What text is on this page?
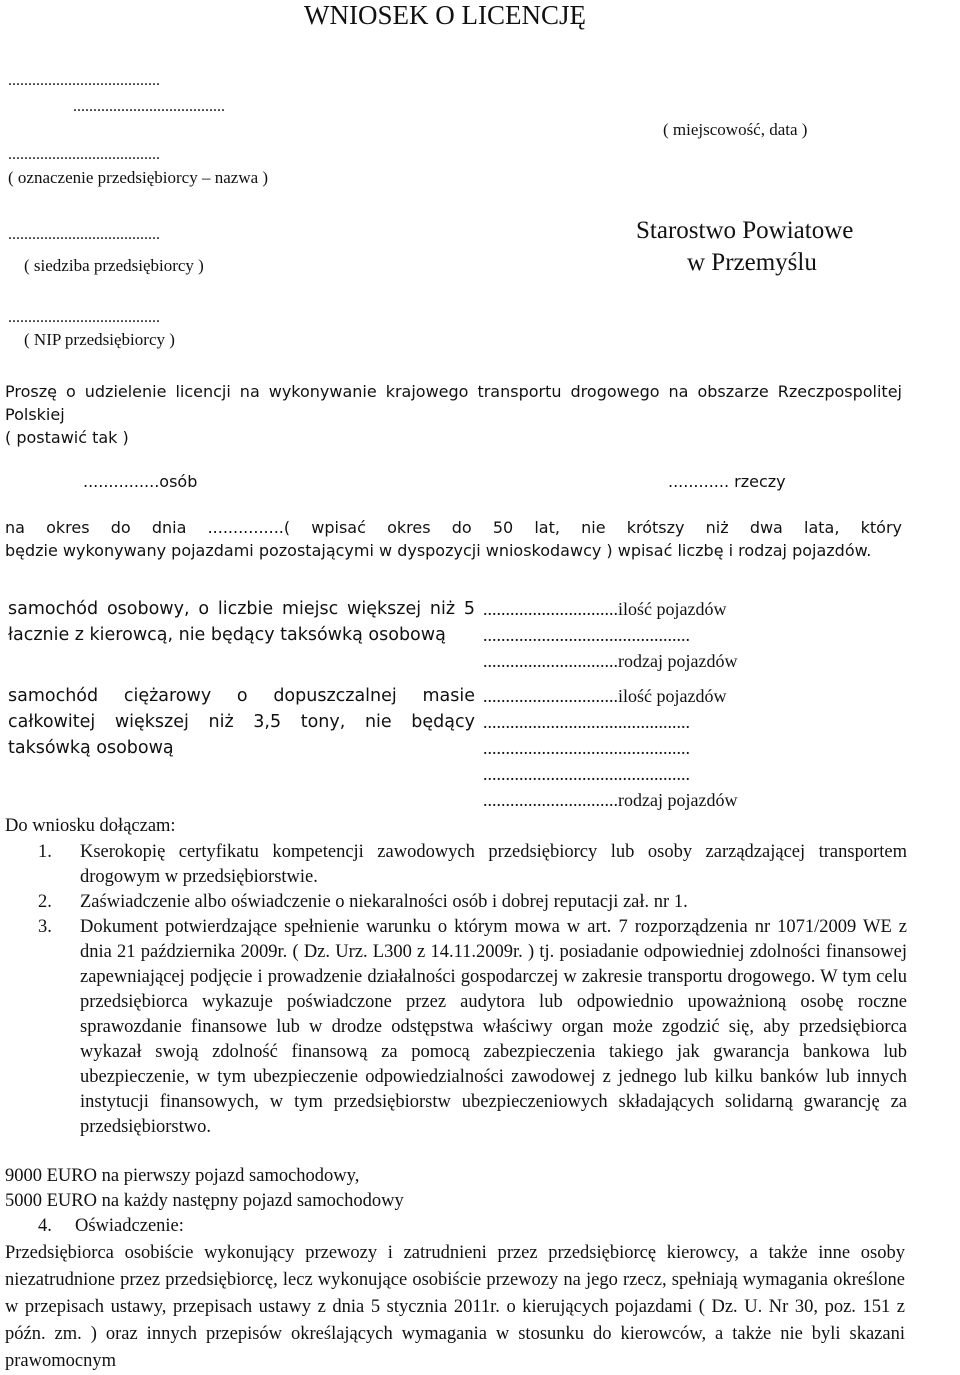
WNIOSEK O LICENCJĘ
......................................
......................................
......................................
( oznaczenie przedsiębiorcy – nazwa )
( miejscowość, data )
......................................
( siedziba przedsiębiorcy )
Starostwo Powiatowe
w Przemyślu
......................................
( NIP przedsiębiorcy )
Proszę o udzielenie licencji na wykonywanie krajowego transportu drogowego na obszarze Rzeczpospolitej
Polskiej
( postawić tak )
...............osób	............ rzeczy
na okres do dnia ...............( wpisać okres do 50 lat, nie krótszy niż dwa lata, który
będzie wykonywany pojazdami pozostającymi w dyspozycji wnioskodawcy ) wpisać liczbę i rodzaj pojazdów.
samochód osobowy, o liczbie miejsc większej niż 5 łacznie z kierowcą, nie będący taksówką osobową
..............................ilość pojazdów
..............................................
..............................rodzaj pojazdów
samochód ciężarowy o dopuszczalnej masie całkowitej większej niż 3,5 tony, nie będący taksówką osobową
..............................ilość pojazdów
..............................................
..............................................
..............................................
..............................rodzaj pojazdów
Do wniosku dołączam:
1. Kserokopię certyfikatu kompetencji zawodowych przedsiębiorcy lub osoby zarządzającej transportem drogowym w przedsiębiorstwie.
2. Zaświadczenie albo oświadczenie o niekaralności osób i dobrej reputacji zał. nr 1.
3. Dokument potwierdzające spełnienie warunku o którym mowa w art. 7 rozporządzenia nr 1071/2009 WE z dnia 21 października 2009r. ( Dz. Urz. L300 z 14.11.2009r. ) tj. posiadanie odpowiedniej zdolności finansowej zapewniającej podjęcie i prowadzenie działalności gospodarczej w zakresie transportu drogowego. W tym celu przedsiębiorca wykazuje poświadczone przez audytora lub odpowiednio upoważnioną osobę roczne sprawozdanie finansowe lub w drodze odstępstwa właściwy organ może zgodzić się, aby przedsiębiorca wykazał swoją zdolność finansową za pomocą zabezpieczenia takiego jak gwarancja bankowa lub ubezpieczenie, w tym ubezpieczenie odpowiedzialności zawodowej z jednego lub kilku banków lub innych instytucji finansowych, w tym przedsiębiorstw ubezpieczeniowych składających solidarną gwarancję za przedsiębiorstwo.
9000 EURO na pierwszy pojazd samochodowy,
5000 EURO na każdy następny pojazd samochodowy
4. Oświadczenie:
Przedsiębiorca osobiście wykonujący przewozy i zatrudnieni przez przedsiębiorcę kierowcy, a także inne osoby niezatrudnione przez przedsiębiorcę, lecz wykonujące osobiście przewozy na jego rzecz, spełniają wymagania określone w przepisach ustawy, przepisach ustawy z dnia 5 stycznia 2011r. o kierujących pojazdami ( Dz. U. Nr 30, poz. 151 z późn. zm. ) oraz innych przepisów określających wymagania w stosunku do kierowców, a także nie byli skazani prawomocnym
